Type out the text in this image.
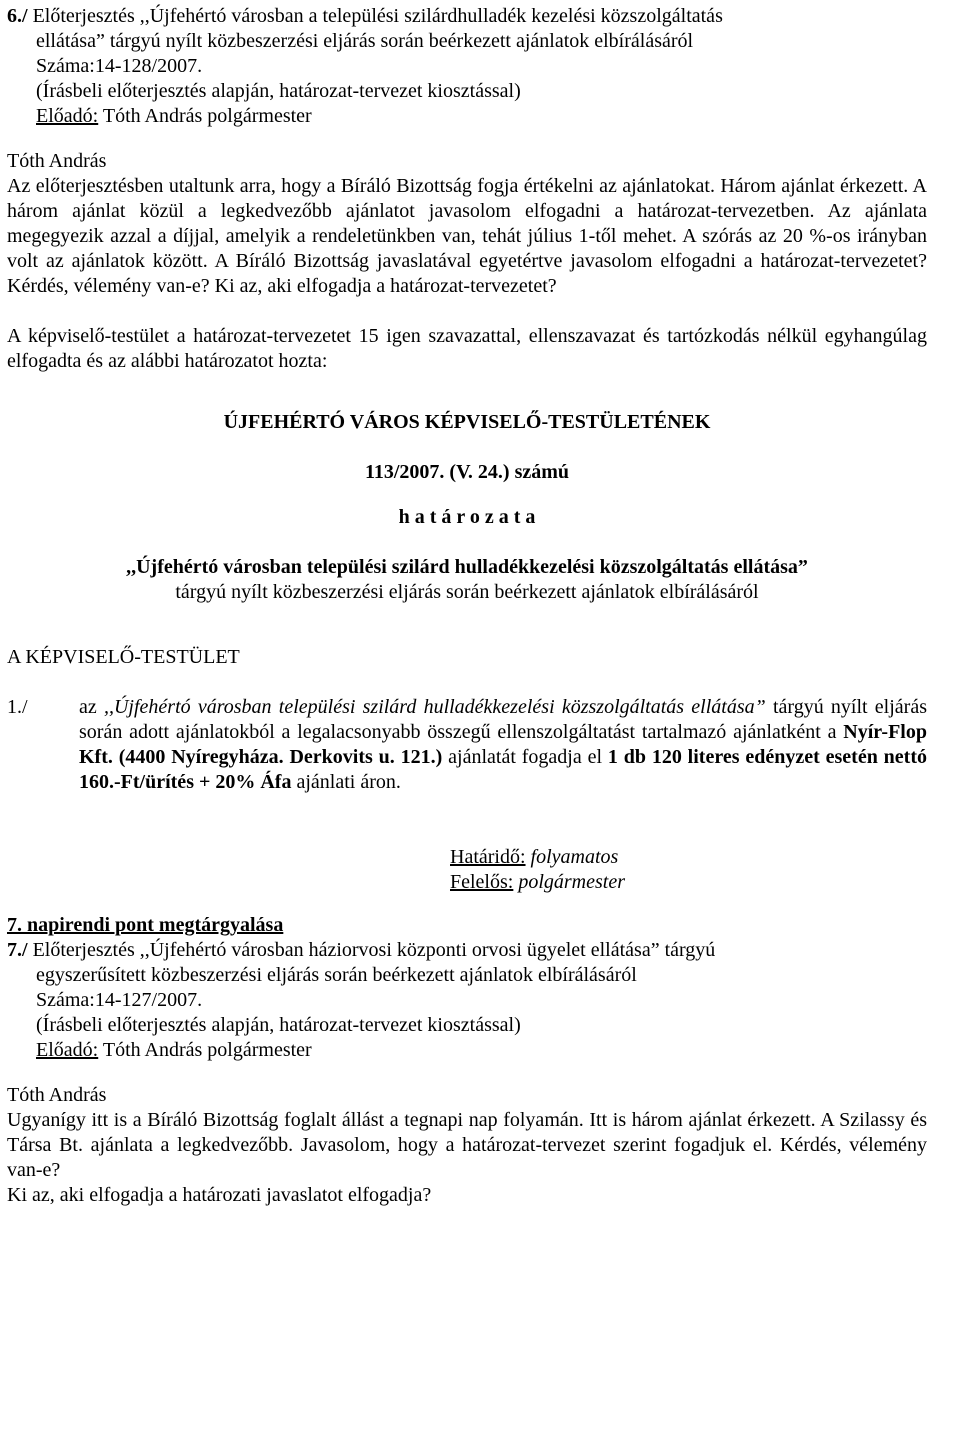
6./ Előterjesztés ,,Újfehértó városban a települési szilárdhulladék kezelési közszolgáltatás
ellátása” tárgyú nyílt közbeszerzési eljárás során beérkezett ajánlatok elbírálásáról
Száma:14-128/2007.
(Írásbeli előterjesztés alapján, határozat-tervezet kiosztással)
Előadó: Tóth András polgármester
Tóth András
Az előterjesztésben utaltunk arra, hogy a Bíráló Bizottság fogja értékelni az ajánlatokat. Három ajánlat érkezett. A három ajánlat közül a legkedvezőbb ajánlatot javasolom elfogadni a határozat-tervezetben. Az ajánlata megegyezik azzal a díjjal, amelyik a rendeletünkben van, tehát július 1-től mehet. A szórás az 20 %-os irányban volt az ajánlatok között. A Bíráló Bizottság javaslatával egyetértve javasolom elfogadni a határozat-tervezetet? Kérdés, vélemény van-e? Ki az, aki elfogadja a határozat-tervezetet?
A képviselő-testület a határozat-tervezetet 15 igen szavazattal, ellenszavazat és tartózkodás nélkül egyhangúlag elfogadta és az alábbi határozatot hozta:
ÚJFEHÉRTÓ VÁROS KÉPVISELŐ-TESTÜLETÉNEK
113/2007. (V. 24.) számú
h a t á r o z a t a
,,Újfehértó városban települési szilárd hulladékkezelési közszolgáltatás ellátása”
tárgyú nyílt közbeszerzési eljárás során beérkezett ajánlatok elbírálásáról
A KÉPVISELŐ-TESTÜLET
1./	az ,,Újfehértó városban települési szilárd hulladékkezelési közszolgáltatás ellátása” tárgyú nyílt eljárás során adott ajánlatokból a legalacsonyabb összegű ellenszolgáltatást tartalmazó ajánlatként a Nyír-Flop Kft. (4400 Nyíregyháza. Derkovits u. 121.) ajánlatát fogadja el 1 db 120 literes edényzet esetén nettó 160.-Ft/ürítés + 20% Áfa ajánlati áron.
Határidő: folyamatos
Felelős: polgármester
7. napirendi pont megtárgyalása
7./ Előterjesztés ,,Újfehértó városban háziorvosi központi orvosi ügyelet ellátása” tárgyú
egyszerűsített közbeszerzési eljárás során beérkezett ajánlatok elbírálásáról
Száma:14-127/2007.
(Írásbeli előterjesztés alapján, határozat-tervezet kiosztással)
Előadó: Tóth András polgármester
Tóth András
Ugyanígy itt is a Bíráló Bizottság foglalt állást a tegnapi nap folyamán. Itt is három ajánlat érkezett. A Szilassy és Társa Bt. ajánlata a legkedvezőbb. Javasolom, hogy a határozat-tervezet szerint fogadjuk el. Kérdés, vélemény van-e?
Ki az, aki elfogadja a határozati javaslatot elfogadja?
